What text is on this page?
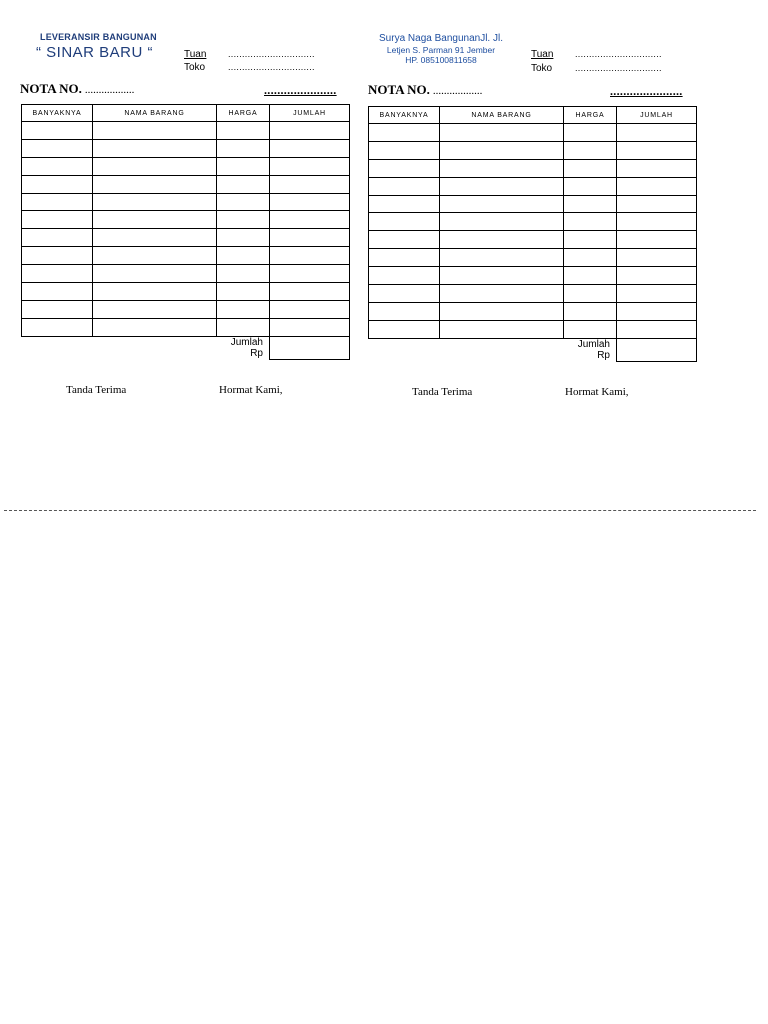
LEVERANSIR BANGUNAN
“ SINAR BARU “	Tuan ...............................
Toko	...............................
NOTA NO. ..................	......................
BANYAKNYA	NAMA BARANG	HARGA	JUMLAH

		Jumlah Rp	
Tanda Terima	Hormat Kami,
Surya Naga BangunanJl. Jl.
Letjen S. Parman 91 Jember
HP. 085100811658	Tuan ...............................
Toko	...............................
NOTA NO. ..................	......................
BANYAKNYA	NAMA BARANG	HARGA	JUMLAH

		Jumlah Rp	
Tanda Terima	Hormat Kami,
